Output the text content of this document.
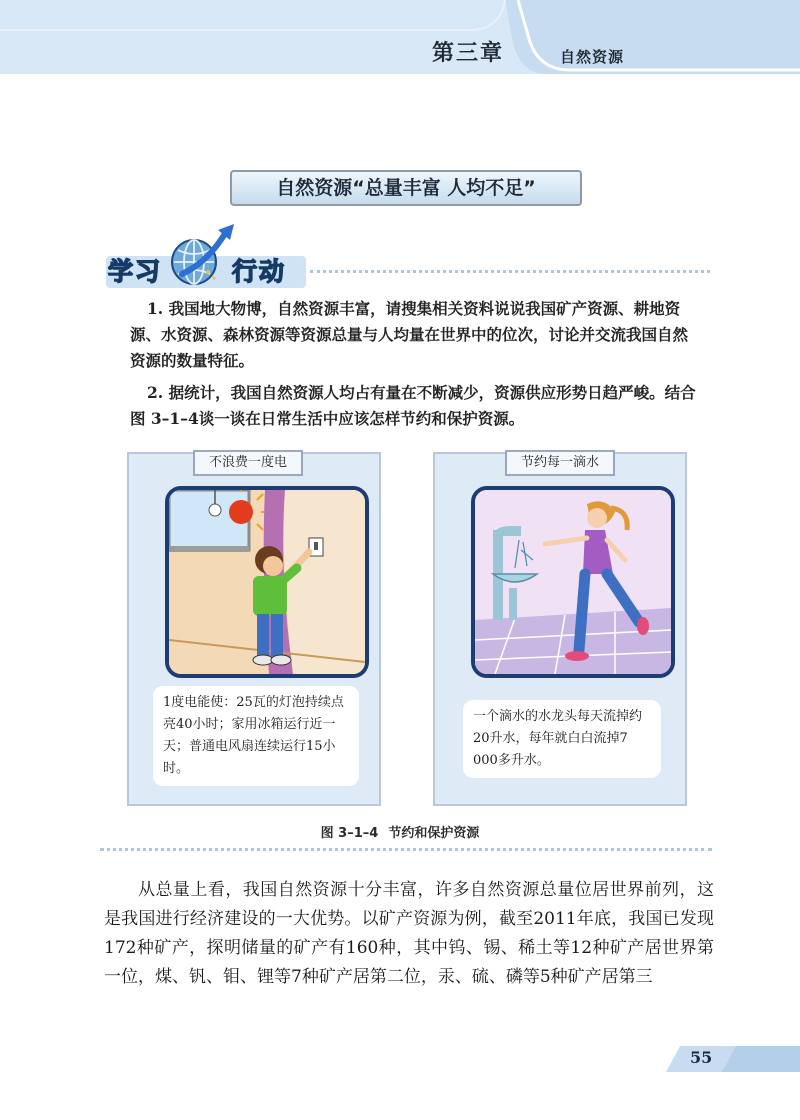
第三章	自然资源
自然资源“总量丰富 人均不足”
学习	行动

1. 我国地大物博，自然资源丰富，请搜集相关资料说说我国矿产资源、耕地资源、水资源、森林资源等资源总量与人均量在世界中的位次，讨论并交流我国自然资源的数量特征。

2. 据统计，我国自然资源人均占有量在不断减少，资源供应形势日趋严峻。结合图 3–1–4谈一谈在日常生活中应该怎样节约和保护资源。

不浪费一度电
1度电能使：25瓦的灯泡持续点亮40小时；家用冰箱运行近一天；普通电风扇连续运行15小时。
节约每一滴水
一个滴水的水龙头每天流掉约20升水，每年就白白流掉7 000多升水。
图 3–1–4 节约和保护资源

从总量上看，我国自然资源十分丰富，许多自然资源总量位居世界前列，这是我国进行经济建设的一大优势。以矿产资源为例，截至2011年底，我国已发现172种矿产，探明储量的矿产有160种，其中钨、锡、稀土等12种矿产居世界第一位，煤、钒、钼、锂等7种矿产居第二位，汞、硫、磷等5种矿产居第三

55
